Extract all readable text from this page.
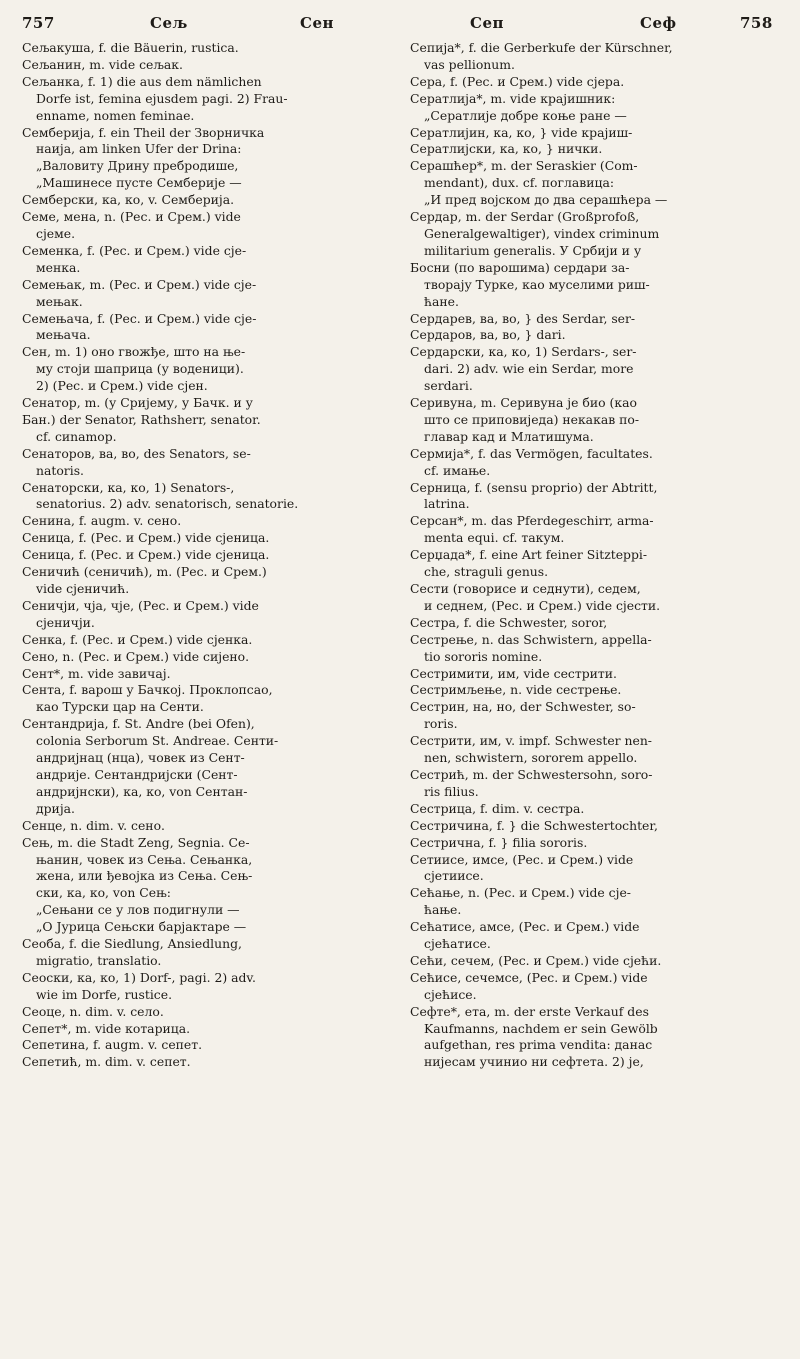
757	Сељ	Сен	Сеп	Сеф	758
Сељакуша, f. die Bäuerin, rustica.
Сељанин, m. vide сељак.
Сељанка, f. 1) die aus dem nämlichen
Dorfe ist, femina ejusdem pagi. 2) Frau-
enname, nomen feminae.
Сембериja, f. ein Theil der Зворничка
наија, am linken Ufer der Drina:
„Валовиту Дрину пребродише,
„Машинесе пусте Семберије —
Семберски, ка, ко, v. Семберија.
Семе, мена, n. (Рес. и Срем.) vide
сјеме.
Семенка, f. (Рес. и Срем.) vide сје-
менка.
Семењак, m. (Рес. и Срем.) vide сје-
мењак.
Семењача, f. (Рес. и Срем.) vide сје-
мењача.
Сен, m. 1) оно гвожђе, што на ње-
му стоји шаприца (у воденици).
2) (Рес. и Срем.) vide сјен.
Сенатор, m. (у Сријему, у Бачк. и у
Бан.) der Senator, Rathsherr, senator.
cf. сиnamор.
Сенаторов, ва, во, des Senators, se-
natoris.
Сенаторски, ка, ко, 1) Senators-,
senatorius. 2) adv. senatorisch, senatorie.
Сенина, f. augm. v. сено.
Сеница, f. (Рес. и Срем.) vide сјеница.
Сеница, f. (Рес. и Срем.) vide сјеница.
Сеничић (сеничић), m. (Рес. и Срем.)
vide сјеничић.
Сеничји, чја, чје, (Рес. и Срем.) vide
сјеничји.
Сенка, f. (Рес. и Срем.) vide сјенка.
Сено, n. (Рес. и Срем.) vide сијено.
Сент*, m. vide завичај.
Сента, f. варош у Бачкој. Проклопсао,
као Турски цар на Сенти.
Сентандрија, f. St. Andre (bei Ofen),
colonia Serborum St. Andreae. Сенти-
андријнац (нца), човек из Сент-
андрије. Сентандријски (Сент-
андријнски), ка, ко, von Сентан-
дрија.
Сенце, n. dim. v. сено.
Сењ, m. die Stadt Zeng, Segnia. Се-
њанин, човек из Сења. Сењанка,
жена, или ђевојка из Сења. Сењ-
ски, ка, ко, von Сењ:
„Сењани се у лов подигнули —
„О Јурица Сењски барјактаре —
Сеоба, f. die Siedlung, Ansiedlung,
migratio, translatio.
Сеоски, ка, ко, 1) Dorf-, pagi. 2) adv.
wie im Dorfe, rustice.
Сеоце, n. dim. v. село.
Сепет*, m. vide котарица.
Сепетина, f. augm. v. сепет.
Сепетић, m. dim. v. сепет.
Сепија*, f. die Gerberkufe der Kürschner,
vas pellionum.
Сера, f. (Рес. и Срем.) vide сјера.
Сератлија*, m. vide крајишник:
„Сератлије добре коње ране —
Сератлијин, ка, ко, } vide крајиш-
Сератлијски, ка, ко, } нички.
Серашћер*, m. der Seraskier (Com-
mendant), dux. cf. поглавица:
„И пред војском до два серашћера —
Сердар, m. der Serdar (Großprofoß,
Generalgewaltiger), vindex criminum
militarium generalis. У Србији и у
Босни (по варошима) сердари за-
творају Турке, као муселими риш-
ћане.
Сердарев, ва, во, } des Serdar, ser-
Сердаров, ва, во, } dari.
Сердарски, ка, ко, 1) Serdars-, ser-
dari. 2) adv. wie ein Serdar, more
serdari.
Серивуна, m. Серивуна је био (као
што се приповиједа) некакав по-
главар кад и Млатишума.
Сермија*, f. das Vermögen, facultates.
cf. имање.
Серница, f. (sensu proprio) der Abtritt,
latrina.
Серсан*, m. das Pferdegeschirr, arma-
menta equi. cf. такум.
Серџада*, f. eine Art feiner Sitzteppi-
che, straguli genus.
Сести (говорисе и седнути), седем,
и седнем, (Рес. и Срем.) vide сјести.
Сестра, f. die Schwester, soror,
Сестрење, n. das Schwistern, appella-
tio sororis nomine.
Сестримити, им, vide сестрити.
Сестримљење, n. vide сестрење.
Сестрин, на, но, der Schwester, so-
roris.
Сестрити, им, v. impf. Schwester nen-
nen, schwistern, sororem appello.
Сестрић, m. der Schwestersohn, soro-
ris filius.
Сестрица, f. dim. v. сестра.
Сестричина, f. } die Schwestertochter,
Сестрична, f. } filia sororis.
Сетиисе, имсе, (Рес. и Срем.) vide
сјетиисе.
Сећање, n. (Рес. и Срем.) vide сје-
ћање.
Сећатисе, амсе, (Рес. и Срем.) vide
сјећатисе.
Сећи, сечем, (Рес. и Срем.) vide сјећи.
Сећисе, сечемсе, (Рес. и Срем.) vide
сјећисе.
Сефте*, ета, m. der erste Verkauf des
Kaufmanns, nachdem er sein Gewölb
aufgethan, res prima vendita: данас
нијесам учинио ни сефтета. 2) је,
